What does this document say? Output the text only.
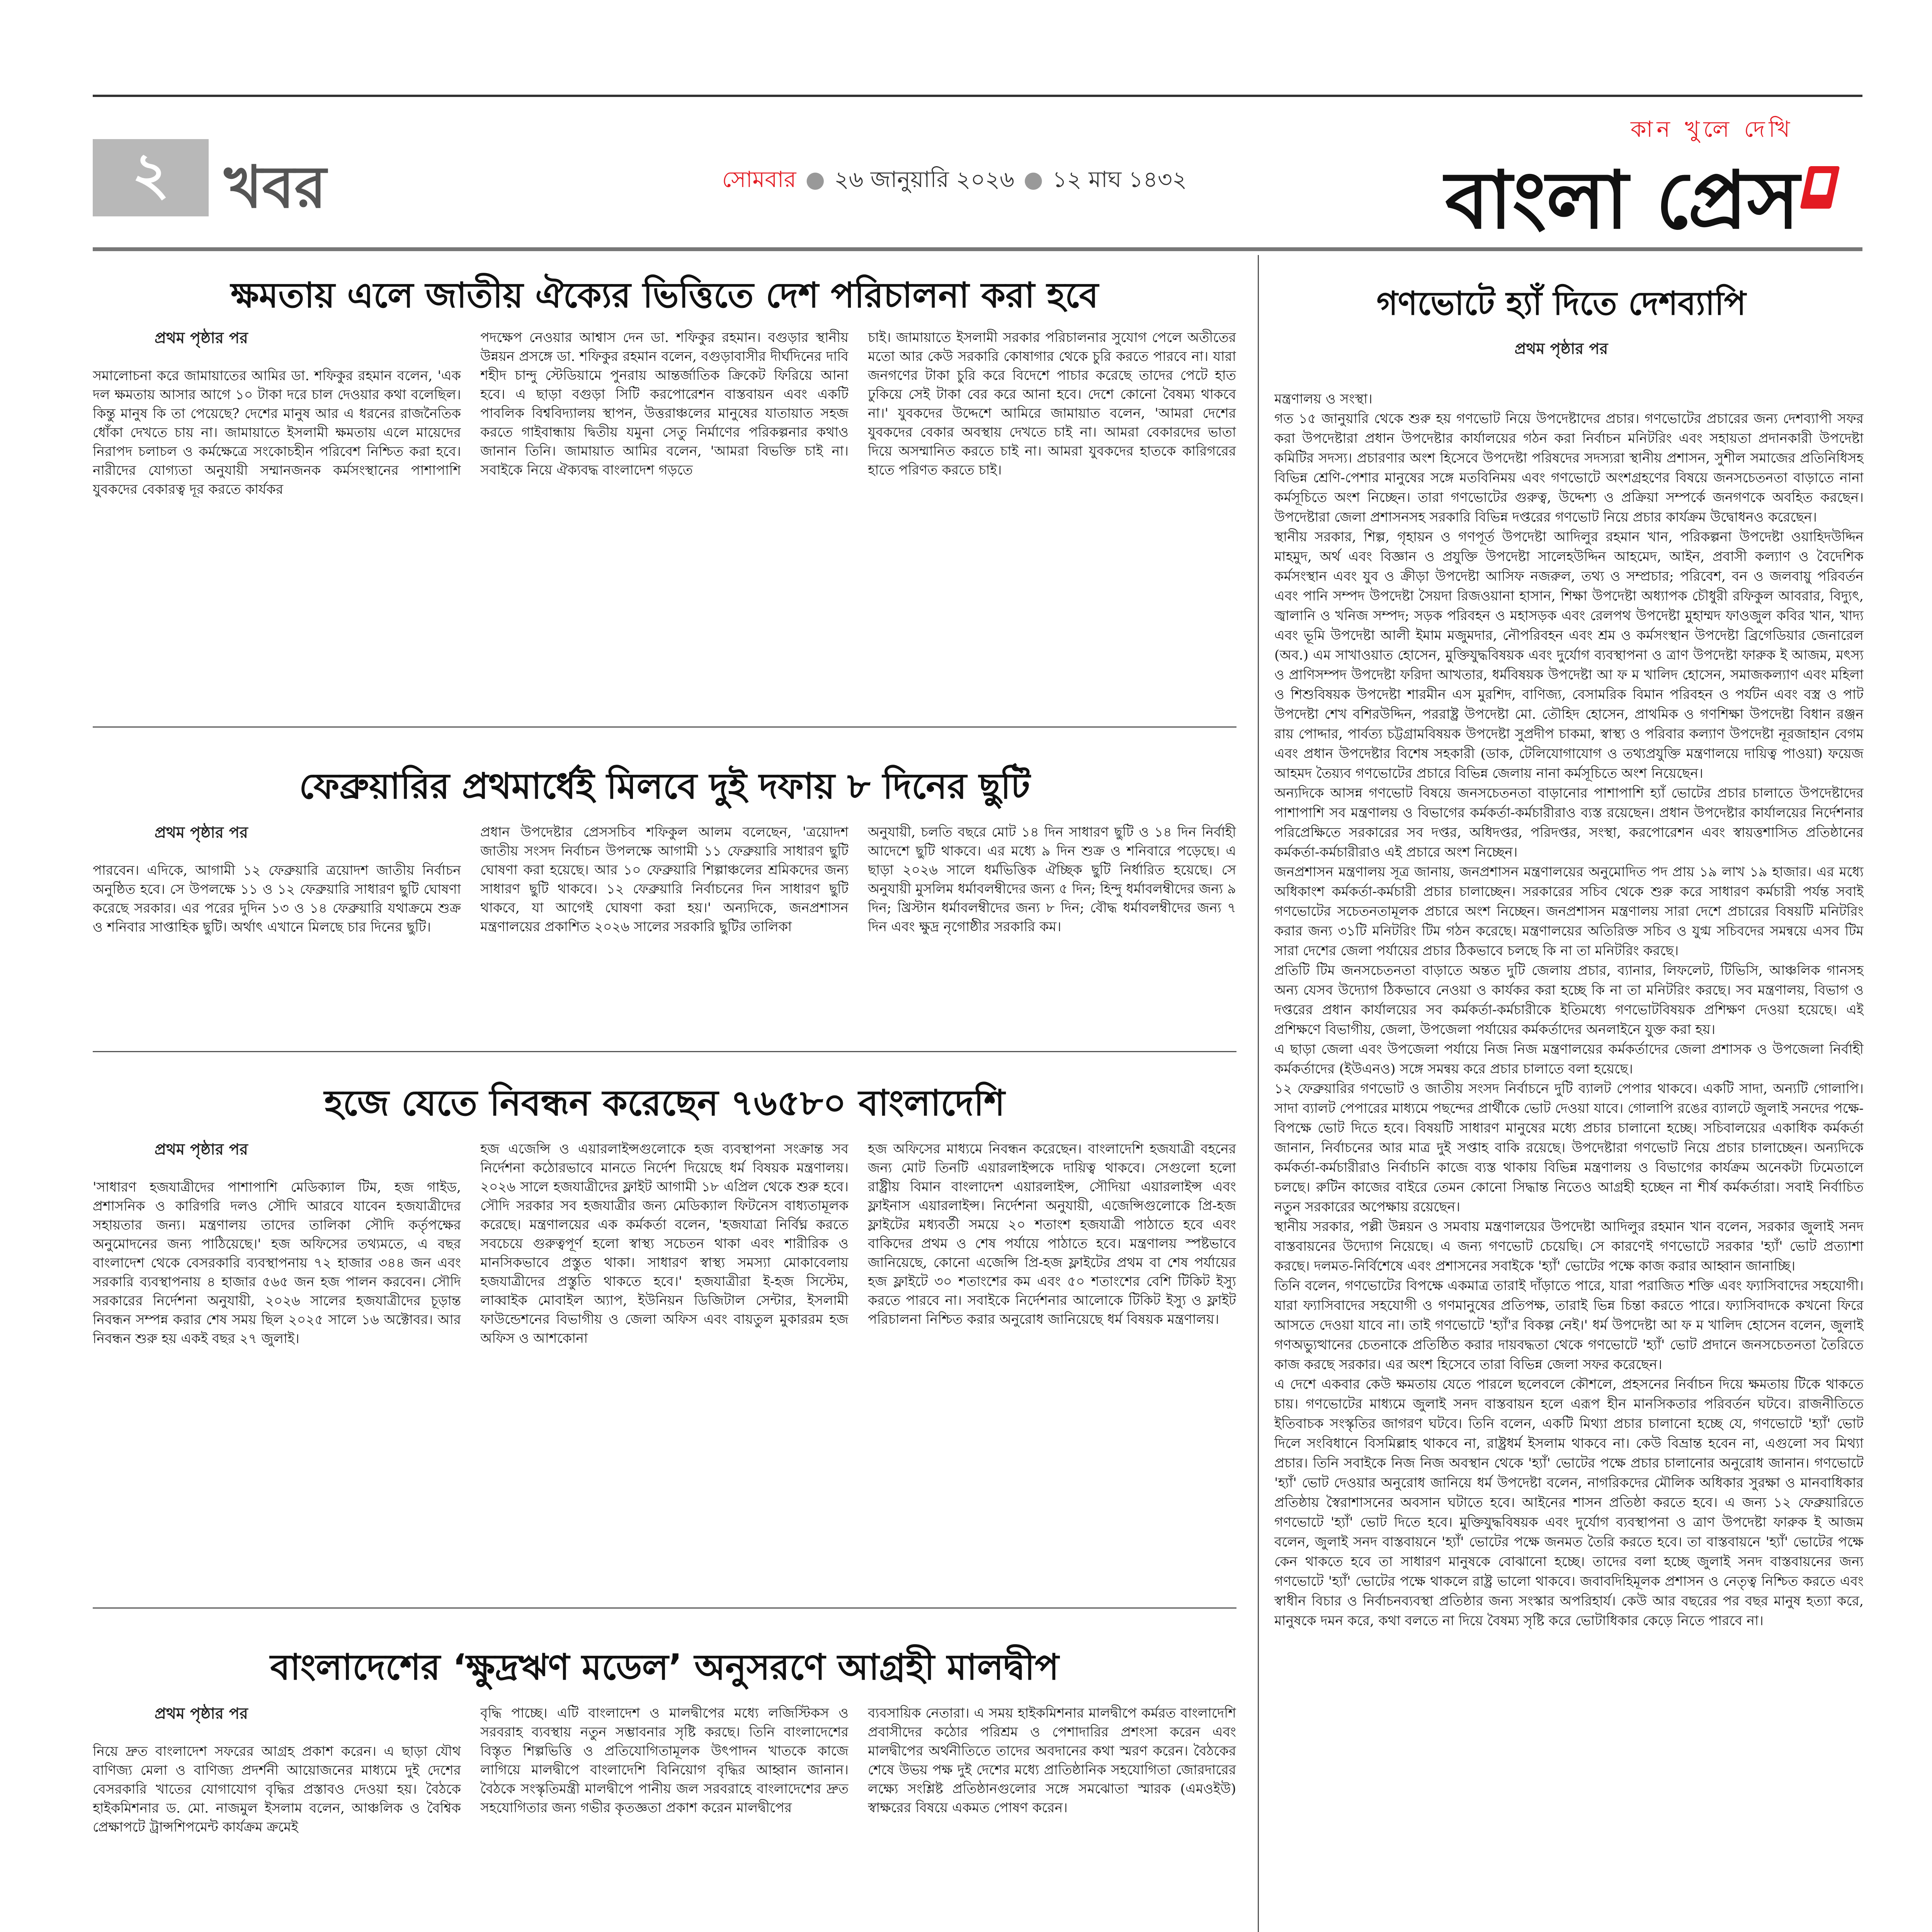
২ খবর	সোমবার ● ২৬ জানুয়ারি ২০২৬ ● ১২ মাঘ ১৪৩২
কান খুলে দেখি
বাংলা প্রেস
ক্ষমতায় এলে জাতীয় ঐক্যের ভিত্তিতে দেশ পরিচালনা করা হবে

প্রথম পৃষ্ঠার পর

সমালোচনা করে জামায়াতের আমির ডা. শফিকুর রহমান বলেন, 'এক দল ক্ষমতায় আসার আগে ১০ টাকা দরে চাল দেওয়ার কথা বলেছিল। কিন্তু মানুষ কি তা পেয়েছে? দেশের মানুষ আর এ ধরনের রাজনৈতিক ধোঁকা দেখতে চায় না। জামায়াতে ইসলামী ক্ষমতায় এলে মায়েদের নিরাপদ চলাচল ও কর্মক্ষেত্রে সংকোচহীন পরিবেশ নিশ্চিত করা হবে। নারীদের যোগ্যতা অনুযায়ী সম্মানজনক কর্মসংস্থানের পাশাপাশি যুবকদের বেকারত্ব দূর করতে কার্যকর

পদক্ষেপ নেওয়ার আশ্বাস দেন ডা. শফিকুর রহমান। বগুড়ার স্থানীয় উন্নয়ন প্রসঙ্গে ডা. শফিকুর রহমান বলেন, বগুড়াবাসীর দীর্ঘদিনের দাবি শহীদ চান্দু স্টেডিয়ামে পুনরায় আন্তর্জাতিক ক্রিকেট ফিরিয়ে আনা হবে। এ ছাড়া বগুড়া সিটি করপোরেশন বাস্তবায়ন এবং একটি পাবলিক বিশ্ববিদ্যালয় স্থাপন, উত্তরাঞ্চলের মানুষের যাতায়াত সহজ করতে গাইবান্ধায় দ্বিতীয় যমুনা সেতু নির্মাণের পরিকল্পনার কথাও জানান তিনি। জামায়াত আমির বলেন, 'আমরা বিভক্তি চাই না। সবাইকে নিয়ে ঐক্যবদ্ধ বাংলাদেশ গড়তে

চাই। জামায়াতে ইসলামী সরকার পরিচালনার সুযোগ পেলে অতীতের মতো আর কেউ সরকারি কোষাগার থেকে চুরি করতে পারবে না। যারা জনগণের টাকা চুরি করে বিদেশে পাচার করেছে তাদের পেটে হাত ঢুকিয়ে সেই টাকা বের করে আনা হবে। দেশে কোনো বৈষম্য থাকবে না।' যুবকদের উদ্দেশে আমিরে জামায়াত বলেন, 'আমরা দেশের যুবকদের বেকার অবস্থায় দেখতে চাই না। আমরা বেকারদের ভাতা দিয়ে অসম্মানিত করতে চাই না। আমরা যুবকদের হাতকে কারিগরের হাতে পরিণত করতে চাই।

ফেব্রুয়ারির প্রথমার্ধেই মিলবে দুই দফায় ৮ দিনের ছুটি

প্রথম পৃষ্ঠার পর

পারবেন। এদিকে, আগামী ১২ ফেব্রুয়ারি ত্রয়োদশ জাতীয় নির্বাচন অনুষ্ঠিত হবে। সে উপলক্ষে ১১ ও ১২ ফেব্রুয়ারি সাধারণ ছুটি ঘোষণা করেছে সরকার। এর পরের দুদিন ১৩ ও ১৪ ফেব্রুয়ারি যথাক্রমে শুক্র ও শনিবার সাপ্তাহিক ছুটি। অর্থাৎ এখানে মিলছে চার দিনের ছুটি।

প্রধান উপদেষ্টার প্রেসসচিব শফিকুল আলম বলেছেন, 'ত্রয়োদশ জাতীয় সংসদ নির্বাচন উপলক্ষে আগামী ১১ ফেব্রুয়ারি সাধারণ ছুটি ঘোষণা করা হয়েছে। আর ১০ ফেব্রুয়ারি শিল্পাঞ্চলের শ্রমিকদের জন্য সাধারণ ছুটি থাকবে। ১২ ফেব্রুয়ারি নির্বাচনের দিন সাধারণ ছুটি থাকবে, যা আগেই ঘোষণা করা হয়।' অন্যদিকে, জনপ্রশাসন মন্ত্রণালয়ের প্রকাশিত ২০২৬ সালের সরকারি ছুটির তালিকা

অনুযায়ী, চলতি বছরে মোট ১৪ দিন সাধারণ ছুটি ও ১৪ দিন নির্বাহী আদেশে ছুটি থাকবে। এর মধ্যে ৯ দিন শুক্র ও শনিবারে পড়েছে। এ ছাড়া ২০২৬ সালে ধর্মভিত্তিক ঐচ্ছিক ছুটি নির্ধারিত হয়েছে। সে অনুযায়ী মুসলিম ধর্মাবলম্বীদের জন্য ৫ দিন; হিন্দু ধর্মাবলম্বীদের জন্য ৯ দিন; খ্রিস্টান ধর্মাবলম্বীদের জন্য ৮ দিন; বৌদ্ধ ধর্মাবলম্বীদের জন্য ৭ দিন এবং ক্ষুদ্র নৃগোষ্ঠীর সরকারি কম।

হজে যেতে নিবন্ধন করেছেন ৭৬৫৮০ বাংলাদেশি

প্রথম পৃষ্ঠার পর

'সাধারণ হজযাত্রীদের পাশাপাশি মেডিক্যাল টিম, হজ গাইড, প্রশাসনিক ও কারিগরি দলও সৌদি আরবে যাবেন হজযাত্রীদের সহায়তার জন্য। মন্ত্রণালয় তাদের তালিকা সৌদি কর্তৃপক্ষের অনুমোদনের জন্য পাঠিয়েছে।' হজ অফিসের তথ্যমতে, এ বছর বাংলাদেশ থেকে বেসরকারি ব্যবস্থাপনায় ৭২ হাজার ৩৪৪ জন এবং সরকারি ব্যবস্থাপনায় ৪ হাজার ৫৬৫ জন হজ পালন করবেন। সৌদি সরকারের নির্দেশনা অনুযায়ী, ২০২৬ সালের হজযাত্রীদের চূড়ান্ত নিবন্ধন সম্পন্ন করার শেষ সময় ছিল ২০২৫ সালে ১৬ অক্টোবর। আর নিবন্ধন শুরু হয় একই বছর ২৭ জুলাই।

হজ এজেন্সি ও এয়ারলাইন্সগুলোকে হজ ব্যবস্থাপনা সংক্রান্ত সব নির্দেশনা কঠোরভাবে মানতে নির্দেশ দিয়েছে ধর্ম বিষয়ক মন্ত্রণালয়। ২০২৬ সালে হজযাত্রীদের ফ্লাইট আগামী ১৮ এপ্রিল থেকে শুরু হবে। সৌদি সরকার সব হজযাত্রীর জন্য মেডিক্যাল ফিটনেস বাধ্যতামূলক করেছে। মন্ত্রণালয়ের এক কর্মকর্তা বলেন, 'হজযাত্রা নির্বিঘ্ন করতে সবচেয়ে গুরুত্বপূর্ণ হলো স্বাস্থ্য সচেতন থাকা এবং শারীরিক ও মানসিকভাবে প্রস্তুত থাকা। সাধারণ স্বাস্থ্য সমস্যা মোকাবেলায় হজযাত্রীদের প্রস্তুতি থাকতে হবে।' হজযাত্রীরা ই-হজ সিস্টেম, লাব্বাইক মোবাইল অ্যাপ, ইউনিয়ন ডিজিটাল সেন্টার, ইসলামী ফাউন্ডেশনের বিভাগীয় ও জেলা অফিস এবং বায়তুল মুকাররম হজ অফিস ও আশকোনা

হজ অফিসের মাধ্যমে নিবন্ধন করেছেন। বাংলাদেশি হজযাত্রী বহনের জন্য মোট তিনটি এয়ারলাইন্সকে দায়িত্ব থাকবে। সেগুলো হলো রাষ্ট্রীয় বিমান বাংলাদেশ এয়ারলাইন্স, সৌদিয়া এয়ারলাইন্স এবং ফ্লাইনাস এয়ারলাইন্স। নির্দেশনা অনুযায়ী, এজেন্সিগুলোকে প্রি-হজ ফ্লাইটের মধ্যবর্তী সময়ে ২০ শতাংশ হজযাত্রী পাঠাতে হবে এবং বাকিদের প্রথম ও শেষ পর্যায়ে পাঠাতে হবে। মন্ত্রণালয় স্পষ্টভাবে জানিয়েছে, কোনো এজেন্সি প্রি-হজ ফ্লাইটের প্রথম বা শেষ পর্যায়ের হজ ফ্লাইটে ৩০ শতাংশের কম এবং ৫০ শতাংশের বেশি টিকিট ইস্যু করতে পারবে না। সবাইকে নির্দেশনার আলোকে টিকিট ইস্যু ও ফ্লাইট পরিচালনা নিশ্চিত করার অনুরোধ জানিয়েছে ধর্ম বিষয়ক মন্ত্রণালয়।

বাংলাদেশের ‘ক্ষুদ্রঋণ মডেল’ অনুসরণে আগ্রহী মালদ্বীপ

প্রথম পৃষ্ঠার পর

নিয়ে দ্রুত বাংলাদেশ সফরের আগ্রহ প্রকাশ করেন। এ ছাড়া যৌথ বাণিজ্য মেলা ও বাণিজ্য প্রদর্শনী আয়োজনের মাধ্যমে দুই দেশের বেসরকারি খাতের যোগাযোগ বৃদ্ধির প্রস্তাবও দেওয়া হয়। বৈঠকে হাইকমিশনার ড. মো. নাজমুল ইসলাম বলেন, আঞ্চলিক ও বৈশ্বিক প্রেক্ষাপটে ট্রান্সশিপমেন্ট কার্যক্রম ক্রমেই

বৃদ্ধি পাচ্ছে। এটি বাংলাদেশ ও মালদ্বীপের মধ্যে লজিস্টিকস ও সরবরাহ ব্যবস্থায় নতুন সম্ভাবনার সৃষ্টি করছে। তিনি বাংলাদেশের বিস্তৃত শিল্পভিত্তি ও প্রতিযোগিতামূলক উৎপাদন খাতকে কাজে লাগিয়ে মালদ্বীপে বাংলাদেশি বিনিয়োগ বৃদ্ধির আহ্বান জানান। বৈঠকে সংস্কৃতিমন্ত্রী মালদ্বীপে পানীয় জল সরবরাহে বাংলাদেশের দ্রুত সহযোগিতার জন্য গভীর কৃতজ্ঞতা প্রকাশ করেন মালদ্বীপের

ব্যবসায়িক নেতারা। এ সময় হাইকমিশনার মালদ্বীপে কর্মরত বাংলাদেশি প্রবাসীদের কঠোর পরিশ্রম ও পেশাদারির প্রশংসা করেন এবং মালদ্বীপের অর্থনীতিতে তাদের অবদানের কথা স্মরণ করেন। বৈঠকের শেষে উভয় পক্ষ দুই দেশের মধ্যে প্রাতিষ্ঠানিক সহযোগিতা জোরদারের লক্ষ্যে সংশ্লিষ্ট প্রতিষ্ঠানগুলোর সঙ্গে সমঝোতা স্মারক (এমওইউ) স্বাক্ষরের বিষয়ে একমত পোষণ করেন।

গণভোটে হ্যাঁ দিতে দেশব্যাপি

প্রথম পৃষ্ঠার পর

মন্ত্রণালয় ও সংস্থা।

গত ১৫ জানুয়ারি থেকে শুরু হয় গণভোট নিয়ে উপদেষ্টাদের প্রচার। গণভোটের প্রচারের জন্য দেশব্যাপী সফর করা উপদেষ্টারা প্রধান উপদেষ্টার কার্যালয়ের গঠন করা নির্বাচন মনিটরিং এবং সহায়তা প্রদানকারী উপদেষ্টা কমিটির সদস্য। প্রচারণার অংশ হিসেবে উপদেষ্টা পরিষদের সদস্যরা স্থানীয় প্রশাসন, সুশীল সমাজের প্রতিনিধিসহ বিভিন্ন শ্রেণি-পেশার মানুষের সঙ্গে মতবিনিময় এবং গণভোটে অংশগ্রহণের বিষয়ে জনসচেতনতা বাড়াতে নানা কর্মসূচিতে অংশ নিচ্ছেন। তারা গণভোটের গুরুত্ব, উদ্দেশ্য ও প্রক্রিয়া সম্পর্কে জনগণকে অবহিত করছেন। উপদেষ্টারা জেলা প্রশাসনসহ সরকারি বিভিন্ন দপ্তরের গণভোট নিয়ে প্রচার কার্যক্রম উদ্বোধনও করেছেন।

স্থানীয় সরকার, শিল্প, গৃহায়ন ও গণপূর্ত উপদেষ্টা আদিলুর রহমান খান, পরিকল্পনা উপদেষ্টা ওয়াহিদউদ্দিন মাহমুদ, অর্থ এবং বিজ্ঞান ও প্রযুক্তি উপদেষ্টা সালেহউদ্দিন আহমেদ, আইন, প্রবাসী কল্যাণ ও বৈদেশিক কর্মসংস্থান এবং যুব ও ক্রীড়া উপদেষ্টা আসিফ নজরুল, তথ্য ও সম্প্রচার; পরিবেশ, বন ও জলবায়ু পরিবর্তন এবং পানি সম্পদ উপদেষ্টা সৈয়দা রিজওয়ানা হাসান, শিক্ষা উপদেষ্টা অধ্যাপক চৌধুরী রফিকুল আবরার, বিদ্যুৎ, জ্বালানি ও খনিজ সম্পদ; সড়ক পরিবহন ও মহাসড়ক এবং রেলপথ উপদেষ্টা মুহাম্মদ ফাওজুল কবির খান, খাদ্য এবং ভূমি উপদেষ্টা আলী ইমাম মজুমদার, নৌপরিবহন এবং শ্রম ও কর্মসংস্থান উপদেষ্টা ব্রিগেডিয়ার জেনারেল (অব.) এম সাখাওয়াত হোসেন, মুক্তিযুদ্ধবিষয়ক এবং দুর্যোগ ব্যবস্থাপনা ও ত্রাণ উপদেষ্টা ফারুক ই আজম, মৎস্য ও প্রাণিসম্পদ উপদেষ্টা ফরিদা আখতার, ধর্মবিষয়ক উপদেষ্টা আ ফ ম খালিদ হোসেন, সমাজকল্যাণ এবং মহিলা ও শিশুবিষয়ক উপদেষ্টা শারমীন এস মুরশিদ, বাণিজ্য, বেসামরিক বিমান পরিবহন ও পর্যটন এবং বস্ত্র ও পাট উপদেষ্টা শেখ বশিরউদ্দিন, পররাষ্ট্র উপদেষ্টা মো. তৌহিদ হোসেন, প্রাথমিক ও গণশিক্ষা উপদেষ্টা বিধান রঞ্জন রায় পোদ্দার, পার্বত্য চট্টগ্রামবিষয়ক উপদেষ্টা সুপ্রদীপ চাকমা, স্বাস্থ্য ও পরিবার কল্যাণ উপদেষ্টা নূরজাহান বেগম এবং প্রধান উপদেষ্টার বিশেষ সহকারী (ডাক, টেলিযোগাযোগ ও তথ্যপ্রযুক্তি মন্ত্রণালয়ে দায়িত্ব পাওয়া) ফয়েজ আহমদ তৈয়্যব গণভোটের প্রচারে বিভিন্ন জেলায় নানা কর্মসূচিতে অংশ নিয়েছেন।

অন্যদিকে আসন্ন গণভোট বিষয়ে জনসচেতনতা বাড়ানোর পাশাপাশি হ্যাঁ ভোটের প্রচার চালাতে উপদেষ্টাদের পাশাপাশি সব মন্ত্রণালয় ও বিভাগের কর্মকর্তা-কর্মচারীরাও ব্যস্ত রয়েছেন। প্রধান উপদেষ্টার কার্যালয়ের নির্দেশনার পরিপ্রেক্ষিতে সরকারের সব দপ্তর, অধিদপ্তর, পরিদপ্তর, সংস্থা, করপোরেশন এবং স্বায়ত্তশাসিত প্রতিষ্ঠানের কর্মকর্তা-কর্মচারীরাও এই প্রচারে অংশ নিচ্ছেন।

জনপ্রশাসন মন্ত্রণালয় সূত্র জানায়, জনপ্রশাসন মন্ত্রণালয়ের অনুমোদিত পদ প্রায় ১৯ লাখ ১৯ হাজার। এর মধ্যে অধিকাংশ কর্মকর্তা-কর্মচারী প্রচার চালাচ্ছেন। সরকারের সচিব থেকে শুরু করে সাধারণ কর্মচারী পর্যন্ত সবাই গণভোটের সচেতনতামূলক প্রচারে অংশ নিচ্ছেন। জনপ্রশাসন মন্ত্রণালয় সারা দেশে প্রচারের বিষয়টি মনিটরিং করার জন্য ৩১টি মনিটরিং টিম গঠন করেছে। মন্ত্রণালয়ের অতিরিক্ত সচিব ও যুগ্ম সচিবদের সমন্বয়ে এসব টিম সারা দেশের জেলা পর্যায়ের প্রচার ঠিকভাবে চলছে কি না তা মনিটরিং করছে।

প্রতিটি টিম জনসচেতনতা বাড়াতে অন্তত দুটি জেলায় প্রচার, ব্যানার, লিফলেট, টিভিসি, আঞ্চলিক গানসহ অন্য যেসব উদ্যোগ ঠিকভাবে নেওয়া ও কার্যকর করা হচ্ছে কি না তা মনিটরিং করছে। সব মন্ত্রণালয়, বিভাগ ও দপ্তরের প্রধান কার্যালয়ের সব কর্মকর্তা-কর্মচারীকে ইতিমধ্যে গণভোটবিষয়ক প্রশিক্ষণ দেওয়া হয়েছে। এই প্রশিক্ষণে বিভাগীয়, জেলা, উপজেলা পর্যায়ের কর্মকর্তাদের অনলাইনে যুক্ত করা হয়।

এ ছাড়া জেলা এবং উপজেলা পর্যায়ে নিজ নিজ মন্ত্রণালয়ের কর্মকর্তাদের জেলা প্রশাসক ও উপজেলা নির্বাহী কর্মকর্তাদের (ইউএনও) সঙ্গে সমন্বয় করে প্রচার চালাতে বলা হয়েছে।

১২ ফেব্রুয়ারির গণভোট ও জাতীয় সংসদ নির্বাচনে দুটি ব্যালট পেপার থাকবে। একটি সাদা, অন্যটি গোলাপি। সাদা ব্যালট পেপারের মাধ্যমে পছন্দের প্রার্থীকে ভোট দেওয়া যাবে। গোলাপি রঙের ব্যালটে জুলাই সনদের পক্ষে-বিপক্ষে ভোট দিতে হবে। বিষয়টি সাধারণ মানুষের মধ্যে প্রচার চালানো হচ্ছে। সচিবালয়ের একাধিক কর্মকর্তা জানান, নির্বাচনের আর মাত্র দুই সপ্তাহ বাকি রয়েছে। উপদেষ্টারা গণভোট নিয়ে প্রচার চালাচ্ছেন। অন্যদিকে কর্মকর্তা-কর্মচারীরাও নির্বাচনি কাজে ব্যস্ত থাকায় বিভিন্ন মন্ত্রণালয় ও বিভাগের কার্যক্রম অনেকটা ঢিমেতালে চলছে। রুটিন কাজের বাইরে তেমন কোনো সিদ্ধান্ত নিতেও আগ্রহী হচ্ছেন না শীর্ষ কর্মকর্তারা। সবাই নির্বাচিত নতুন সরকারের অপেক্ষায় রয়েছেন।

স্থানীয় সরকার, পল্লী উন্নয়ন ও সমবায় মন্ত্রণালয়ের উপদেষ্টা আদিলুর রহমান খান বলেন, সরকার জুলাই সনদ বাস্তবায়নের উদ্যোগ নিয়েছে। এ জন্য গণভোট চেয়েছি। সে কারণেই গণভোটে সরকার 'হ্যাঁ' ভোট প্রত্যাশা করছে। দলমত-নির্বিশেষে এবং প্রশাসনের সবাইকে 'হ্যাঁ' ভোটের পক্ষে কাজ করার আহ্বান জানাচ্ছি।

তিনি বলেন, গণভোটের বিপক্ষে একমাত্র তারাই দাঁড়াতে পারে, যারা পরাজিত শক্তি এবং ফ্যাসিবাদের সহযোগী। যারা ফ্যাসিবাদের সহযোগী ও গণমানুষের প্রতিপক্ষ, তারাই ভিন্ন চিন্তা করতে পারে। ফ্যাসিবাদকে কখনো ফিরে আসতে দেওয়া যাবে না। তাই গণভোটে 'হ্যাঁ'র বিকল্প নেই।' ধর্ম উপদেষ্টা আ ফ ম খালিদ হোসেন বলেন, জুলাই গণঅভ্যুত্থানের চেতনাকে প্রতিষ্ঠিত করার দায়বদ্ধতা থেকে গণভোটে 'হ্যাঁ' ভোট প্রদানে জনসচেতনতা তৈরিতে কাজ করছে সরকার। এর অংশ হিসেবে তারা বিভিন্ন জেলা সফর করেছেন।

এ দেশে একবার কেউ ক্ষমতায় যেতে পারলে ছলেবলে কৌশলে, প্রহসনের নির্বাচন দিয়ে ক্ষমতায় টিকে থাকতে চায়। গণভোটের মাধ্যমে জুলাই সনদ বাস্তবায়ন হলে এরূপ হীন মানসিকতার পরিবর্তন ঘটবে। রাজনীতিতে ইতিবাচক সংস্কৃতির জাগরণ ঘটবে। তিনি বলেন, একটি মিথ্যা প্রচার চালানো হচ্ছে যে, গণভোটে 'হ্যাঁ' ভোট দিলে সংবিধানে বিসমিল্লাহ থাকবে না, রাষ্ট্রধর্ম ইসলাম থাকবে না। কেউ বিভ্রান্ত হবেন না, এগুলো সব মিথ্যা প্রচার। তিনি সবাইকে নিজ নিজ অবস্থান থেকে 'হ্যাঁ' ভোটের পক্ষে প্রচার চালানোর অনুরোধ জানান। গণভোটে 'হ্যাঁ' ভোট দেওয়ার অনুরোধ জানিয়ে ধর্ম উপদেষ্টা বলেন, নাগরিকদের মৌলিক অধিকার সুরক্ষা ও মানবাধিকার প্রতিষ্ঠায় স্বৈরাশাসনের অবসান ঘটাতে হবে। আইনের শাসন প্রতিষ্ঠা করতে হবে। এ জন্য ১২ ফেব্রুয়ারিতে গণভোটে 'হ্যাঁ' ভোট দিতে হবে। মুক্তিযুদ্ধবিষয়ক এবং দুর্যোগ ব্যবস্থাপনা ও ত্রাণ উপদেষ্টা ফারুক ই আজম বলেন, জুলাই সনদ বাস্তবায়নে 'হ্যাঁ' ভোটের পক্ষে জনমত তৈরি করতে হবে। তা বাস্তবায়নে 'হ্যাঁ' ভোটের পক্ষে কেন থাকতে হবে তা সাধারণ মানুষকে বোঝানো হচ্ছে। তাদের বলা হচ্ছে জুলাই সনদ বাস্তবায়নের জন্য গণভোটে 'হ্যাঁ' ভোটের পক্ষে থাকলে রাষ্ট্র ভালো থাকবে। জবাবদিহিমূলক প্রশাসন ও নেতৃত্ব নিশ্চিত করতে এবং স্বাধীন বিচার ও নির্বাচনব্যবস্থা প্রতিষ্ঠার জন্য সংস্কার অপরিহার্য। কেউ আর বছরের পর বছর মানুষ হত্যা করে, মানুষকে দমন করে, কথা বলতে না দিয়ে বৈষম্য সৃষ্টি করে ভোটাধিকার কেড়ে নিতে পারবে না।
